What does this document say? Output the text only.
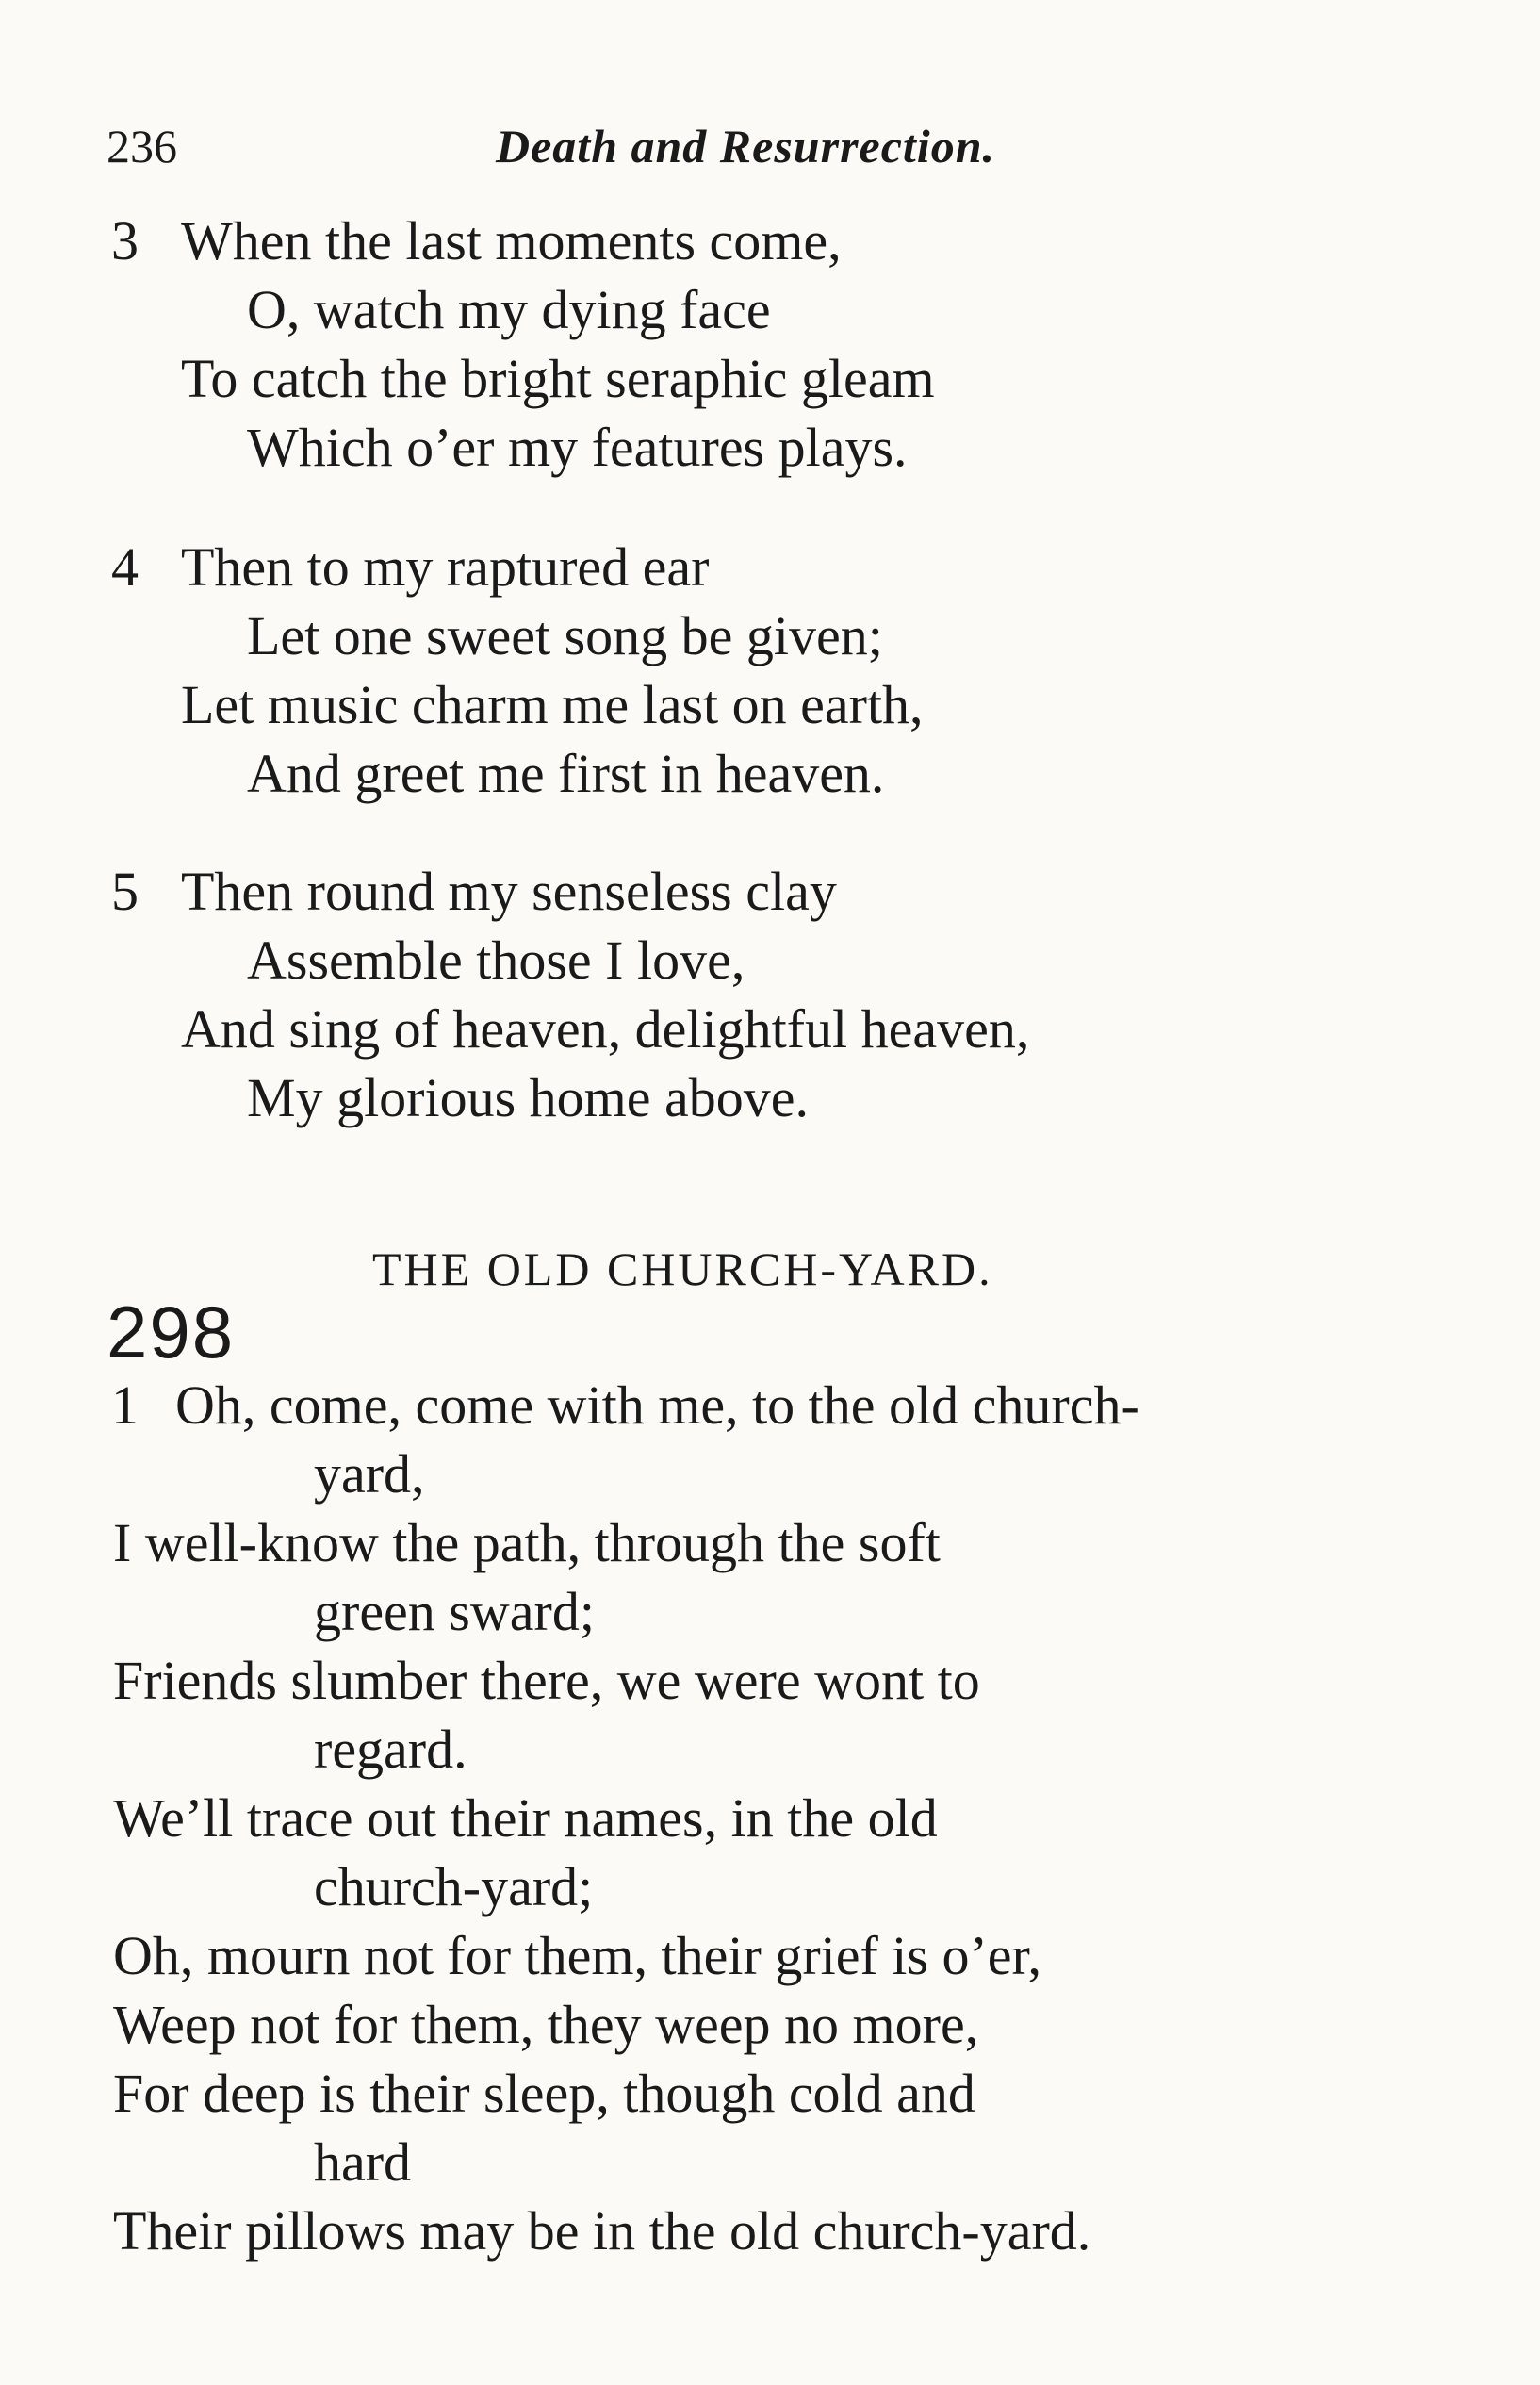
236	Death and Resurrection.
3 When the last moments come,
O, watch my dying face
To catch the bright seraphic gleam
Which o’er my features plays.
4 Then to my raptured ear
Let one sweet song be given;
Let music charm me last on earth,
And greet me first in heaven.
5 Then round my senseless clay
Assemble those I love,
And sing of heaven, delightful heaven,
My glorious home above.
THE OLD CHURCH-YARD.
298
1 Oh, come, come with me, to the old church-
yard,
I well-know the path, through the soft
green sward;
Friends slumber there, we were wont to
regard.
We’ll trace out their names, in the old
church-yard;
Oh, mourn not for them, their grief is o’er,
Weep not for them, they weep no more,
For deep is their sleep, though cold and
hard
Their pillows may be in the old church-yard.
